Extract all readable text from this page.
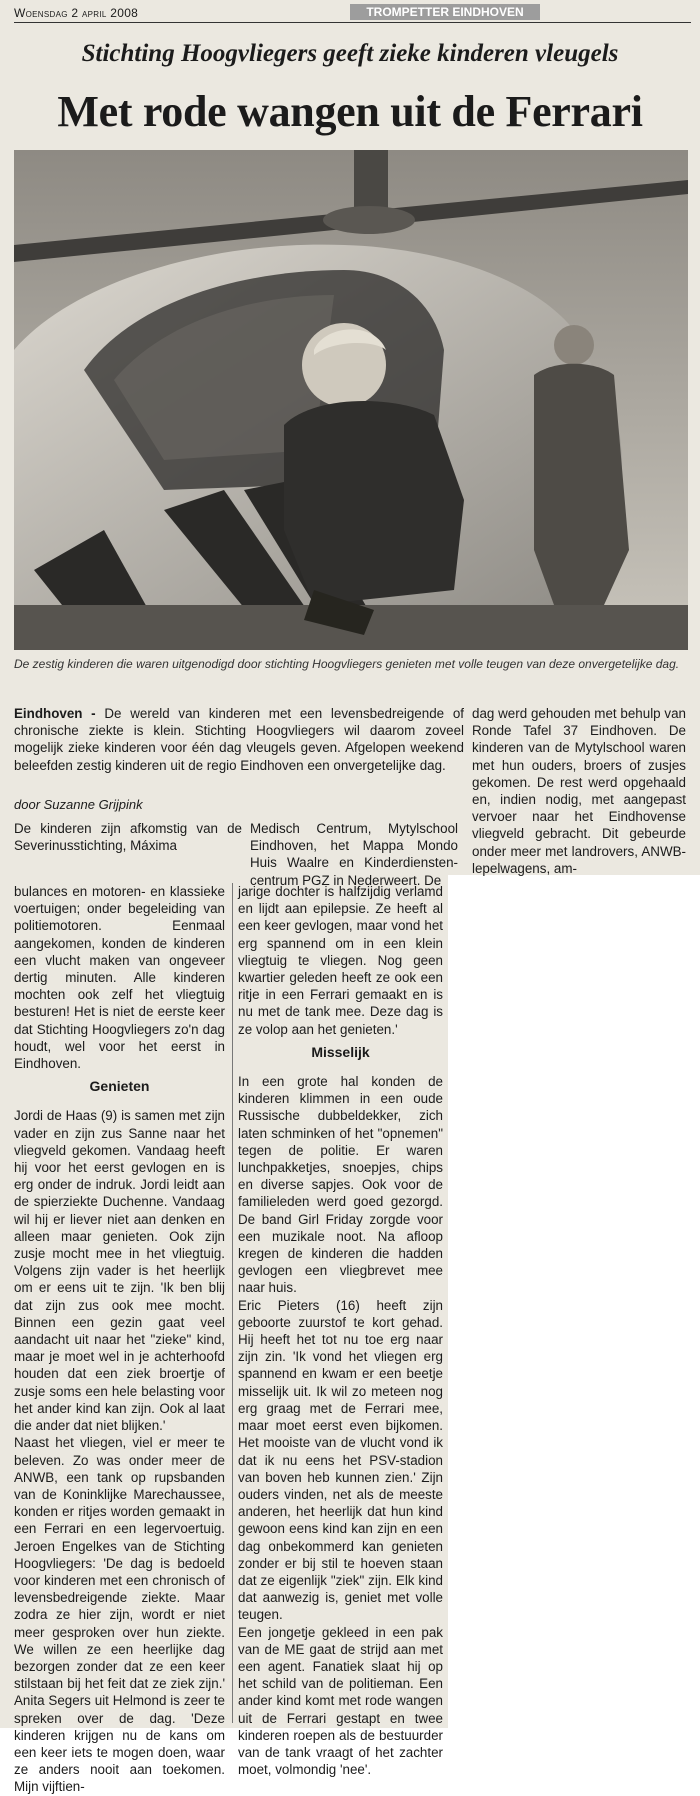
Woensdag 2 april 2008	TROMPETTER EINDHOVEN
Stichting Hoogvliegers geeft zieke kinderen vleugels
Met rode wangen uit de Ferrari
De zestig kinderen die waren uitgenodigd door stichting Hoogvliegers genieten met volle teugen van deze onvergetelijke dag.

Eindhoven - De wereld van kinderen met een levensbedreigende of chronische ziekte is klein. Stichting Hoogvliegers wil daarom zoveel mogelijk zieke kinderen voor één dag vleugels geven. Afgelopen weekend beleefden zestig kinderen uit de regio Eindhoven een onvergetelijke dag.

door Suzanne Grijpink

De kinderen zijn afkomstig van de Severinusstichting, Máxima

Medisch Centrum, Mytylschool Eindhoven, het Mappa Mondo Huis Waalre en Kinderdienstencentrum PGZ in Nederweert. De

dag werd gehouden met behulp van Ronde Tafel 37 Eindhoven. De kinderen van de Mytylschool waren met hun ouders, broers of zusjes gekomen. De rest werd opgehaald en, indien nodig, met aangepast vervoer naar het Eindhovense vliegveld gebracht. Dit gebeurde onder meer met landrovers, ANWB-lepelwagens, am-

bulances en motoren- en klassieke voertuigen; onder begeleiding van politiemotoren. Eenmaal aangekomen, konden de kinderen een vlucht maken van ongeveer dertig minuten. Alle kinderen mochten ook zelf het vliegtuig besturen! Het is niet de eerste keer dat Stichting Hoogvliegers zo'n dag houdt, wel voor het eerst in Eindhoven.

Genieten

Jordi de Haas (9) is samen met zijn vader en zijn zus Sanne naar het vliegveld gekomen. Vandaag heeft hij voor het eerst gevlogen en is erg onder de indruk. Jordi leidt aan de spierziekte Duchenne. Vandaag wil hij er liever niet aan denken en alleen maar genieten. Ook zijn zusje mocht mee in het vliegtuig. Volgens zijn vader is het heerlijk om er eens uit te zijn. 'Ik ben blij dat zijn zus ook mee mocht. Binnen een gezin gaat veel aandacht uit naar het "zieke" kind, maar je moet wel in je achterhoofd houden dat een ziek broertje of zusje soms een hele belasting voor het ander kind kan zijn. Ook al laat die ander dat niet blijken.'

Naast het vliegen, viel er meer te beleven. Zo was onder meer de ANWB, een tank op rupsbanden van de Koninklijke Marechaussee, konden er ritjes worden gemaakt in een Ferrari en een legervoertuig. Jeroen Engelkes van de Stichting Hoogvliegers: 'De dag is bedoeld voor kinderen met een chronisch of levensbedreigende ziekte. Maar zodra ze hier zijn, wordt er niet meer gesproken over hun ziekte. We willen ze een heerlijke dag bezorgen zonder dat ze een keer stilstaan bij het feit dat ze ziek zijn.' Anita Segers uit Helmond is zeer te spreken over de dag. 'Deze kinderen krijgen nu de kans om een keer iets te mogen doen, waar ze anders nooit aan toekomen. Mijn vijftien-

jarige dochter is halfzijdig verlamd en lijdt aan epilepsie. Ze heeft al een keer gevlogen, maar vond het erg spannend om in een klein vliegtuig te vliegen. Nog geen kwartier geleden heeft ze ook een ritje in een Ferrari gemaakt en is nu met de tank mee. Deze dag is ze volop aan het genieten.'

Misselijk

In een grote hal konden de kinderen klimmen in een oude Russische dubbeldekker, zich laten schminken of het "opnemen" tegen de politie. Er waren lunchpakketjes, snoepjes, chips en diverse sapjes. Ook voor de familieleden werd goed gezorgd. De band Girl Friday zorgde voor een muzikale noot. Na afloop kregen de kinderen die hadden gevlogen een vliegbrevet mee naar huis.

Eric Pieters (16) heeft zijn geboorte zuurstof te kort gehad. Hij heeft het tot nu toe erg naar zijn zin. 'Ik vond het vliegen erg spannend en kwam er een beetje misselijk uit. Ik wil zo meteen nog erg graag met de Ferrari mee, maar moet eerst even bijkomen. Het mooiste van de vlucht vond ik dat ik nu eens het PSV-stadion van boven heb kunnen zien.' Zijn ouders vinden, net als de meeste anderen, het heerlijk dat hun kind gewoon eens kind kan zijn en een dag onbekommerd kan genieten zonder er bij stil te hoeven staan dat ze eigenlijk "ziek" zijn. Elk kind dat aanwezig is, geniet met volle teugen.

Een jongetje gekleed in een pak van de ME gaat de strijd aan met een agent. Fanatiek slaat hij op het schild van de politieman. Een ander kind komt met rode wangen uit de Ferrari gestapt en twee kinderen roepen als de bestuurder van de tank vraagt of het zachter moet, volmondig 'nee'.
